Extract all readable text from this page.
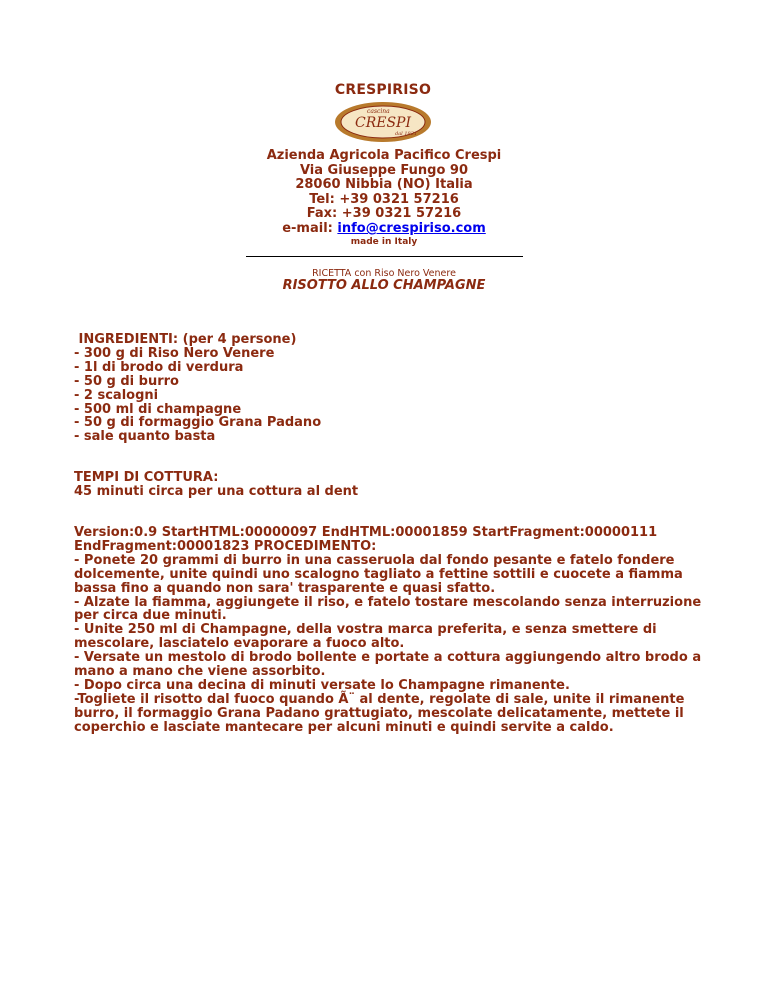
CRESPIRISO
cascina
CRESPI
dal 1821
Azienda Agricola Pacifico Crespi
Via Giuseppe Fungo 90
28060 Nibbia (NO) Italia
Tel: +39 0321 57216
Fax: +39 0321 57216
e-mail: info@crespiriso.com
made in Italy
RICETTA con Riso Nero Venere
RISOTTO ALLO CHAMPAGNE
INGREDIENTI: (per 4 persone)
- 300 g di Riso Nero Venere
- 1l di brodo di verdura
- 50 g di burro
- 2 scalogni
- 500 ml di champagne
- 50 g di formaggio Grana Padano
- sale quanto basta
TEMPI DI COTTURA:
45 minuti circa per una cottura al dent
Version:0.9 StartHTML:00000097 EndHTML:00001859 StartFragment:00000111
EndFragment:00001823 PROCEDIMENTO:
- Ponete 20 grammi di burro in una casseruola dal fondo pesante e fatelo fondere
dolcemente, unite quindi uno scalogno tagliato a fettine sottili e cuocete a fiamma
bassa fino a quando non sara' trasparente e quasi sfatto.
- Alzate la fiamma, aggiungete il riso, e fatelo tostare mescolando senza interruzione
per circa due minuti.
- Unite 250 ml di Champagne, della vostra marca preferita, e senza smettere di
mescolare, lasciatelo evaporare a fuoco alto.
- Versate un mestolo di brodo bollente e portate a cottura aggiungendo altro brodo a
mano a mano che viene assorbito.
- Dopo circa una decina di minuti versate lo Champagne rimanente.
-Togliete il risotto dal fuoco quando Ã¨ al dente, regolate di sale, unite il rimanente
burro, il formaggio Grana Padano grattugiato, mescolate delicatamente, mettete il
coperchio e lasciate mantecare per alcuni minuti e quindi servite a caldo.
